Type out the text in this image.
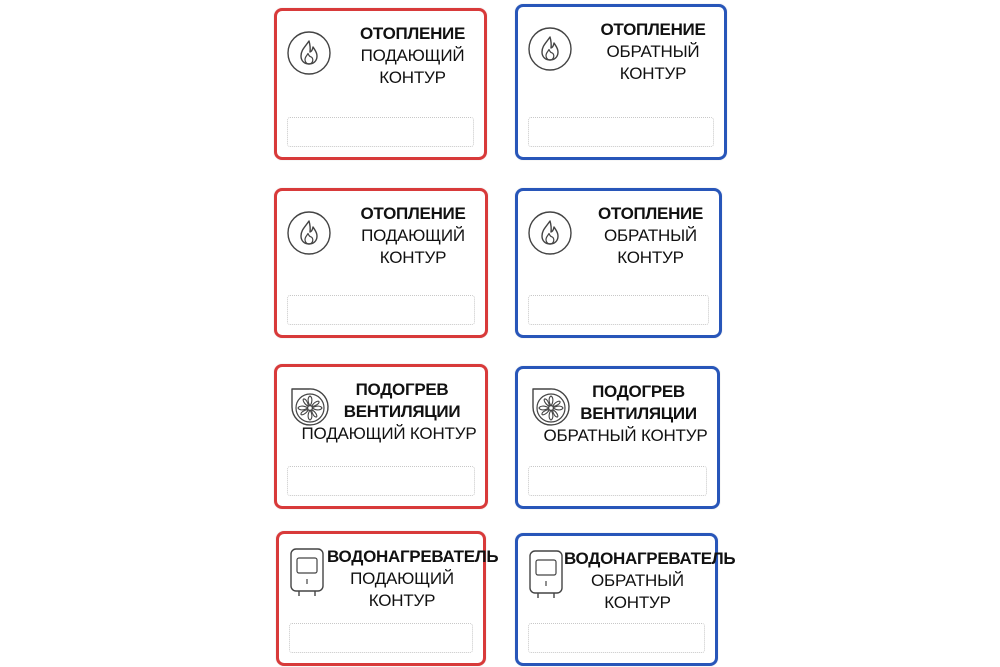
ОТОПЛЕНИЕ
ПОДАЮЩИЙ
КОНТУР
ОТОПЛЕНИЕ
ОБРАТНЫЙ
КОНТУР
ОТОПЛЕНИЕ
ПОДАЮЩИЙ
КОНТУР
ОТОПЛЕНИЕ
ОБРАТНЫЙ
КОНТУР
ПОДОГРЕВ
ВЕНТИЛЯЦИИ
ПОДАЮЩИЙ КОНТУР
ПОДОГРЕВ
ВЕНТИЛЯЦИИ
ОБРАТНЫЙ КОНТУР
ВОДОНАГРЕВАТЕЛЬ
ПОДАЮЩИЙ
КОНТУР
ВОДОНАГРЕВАТЕЛЬ
ОБРАТНЫЙ
КОНТУР
